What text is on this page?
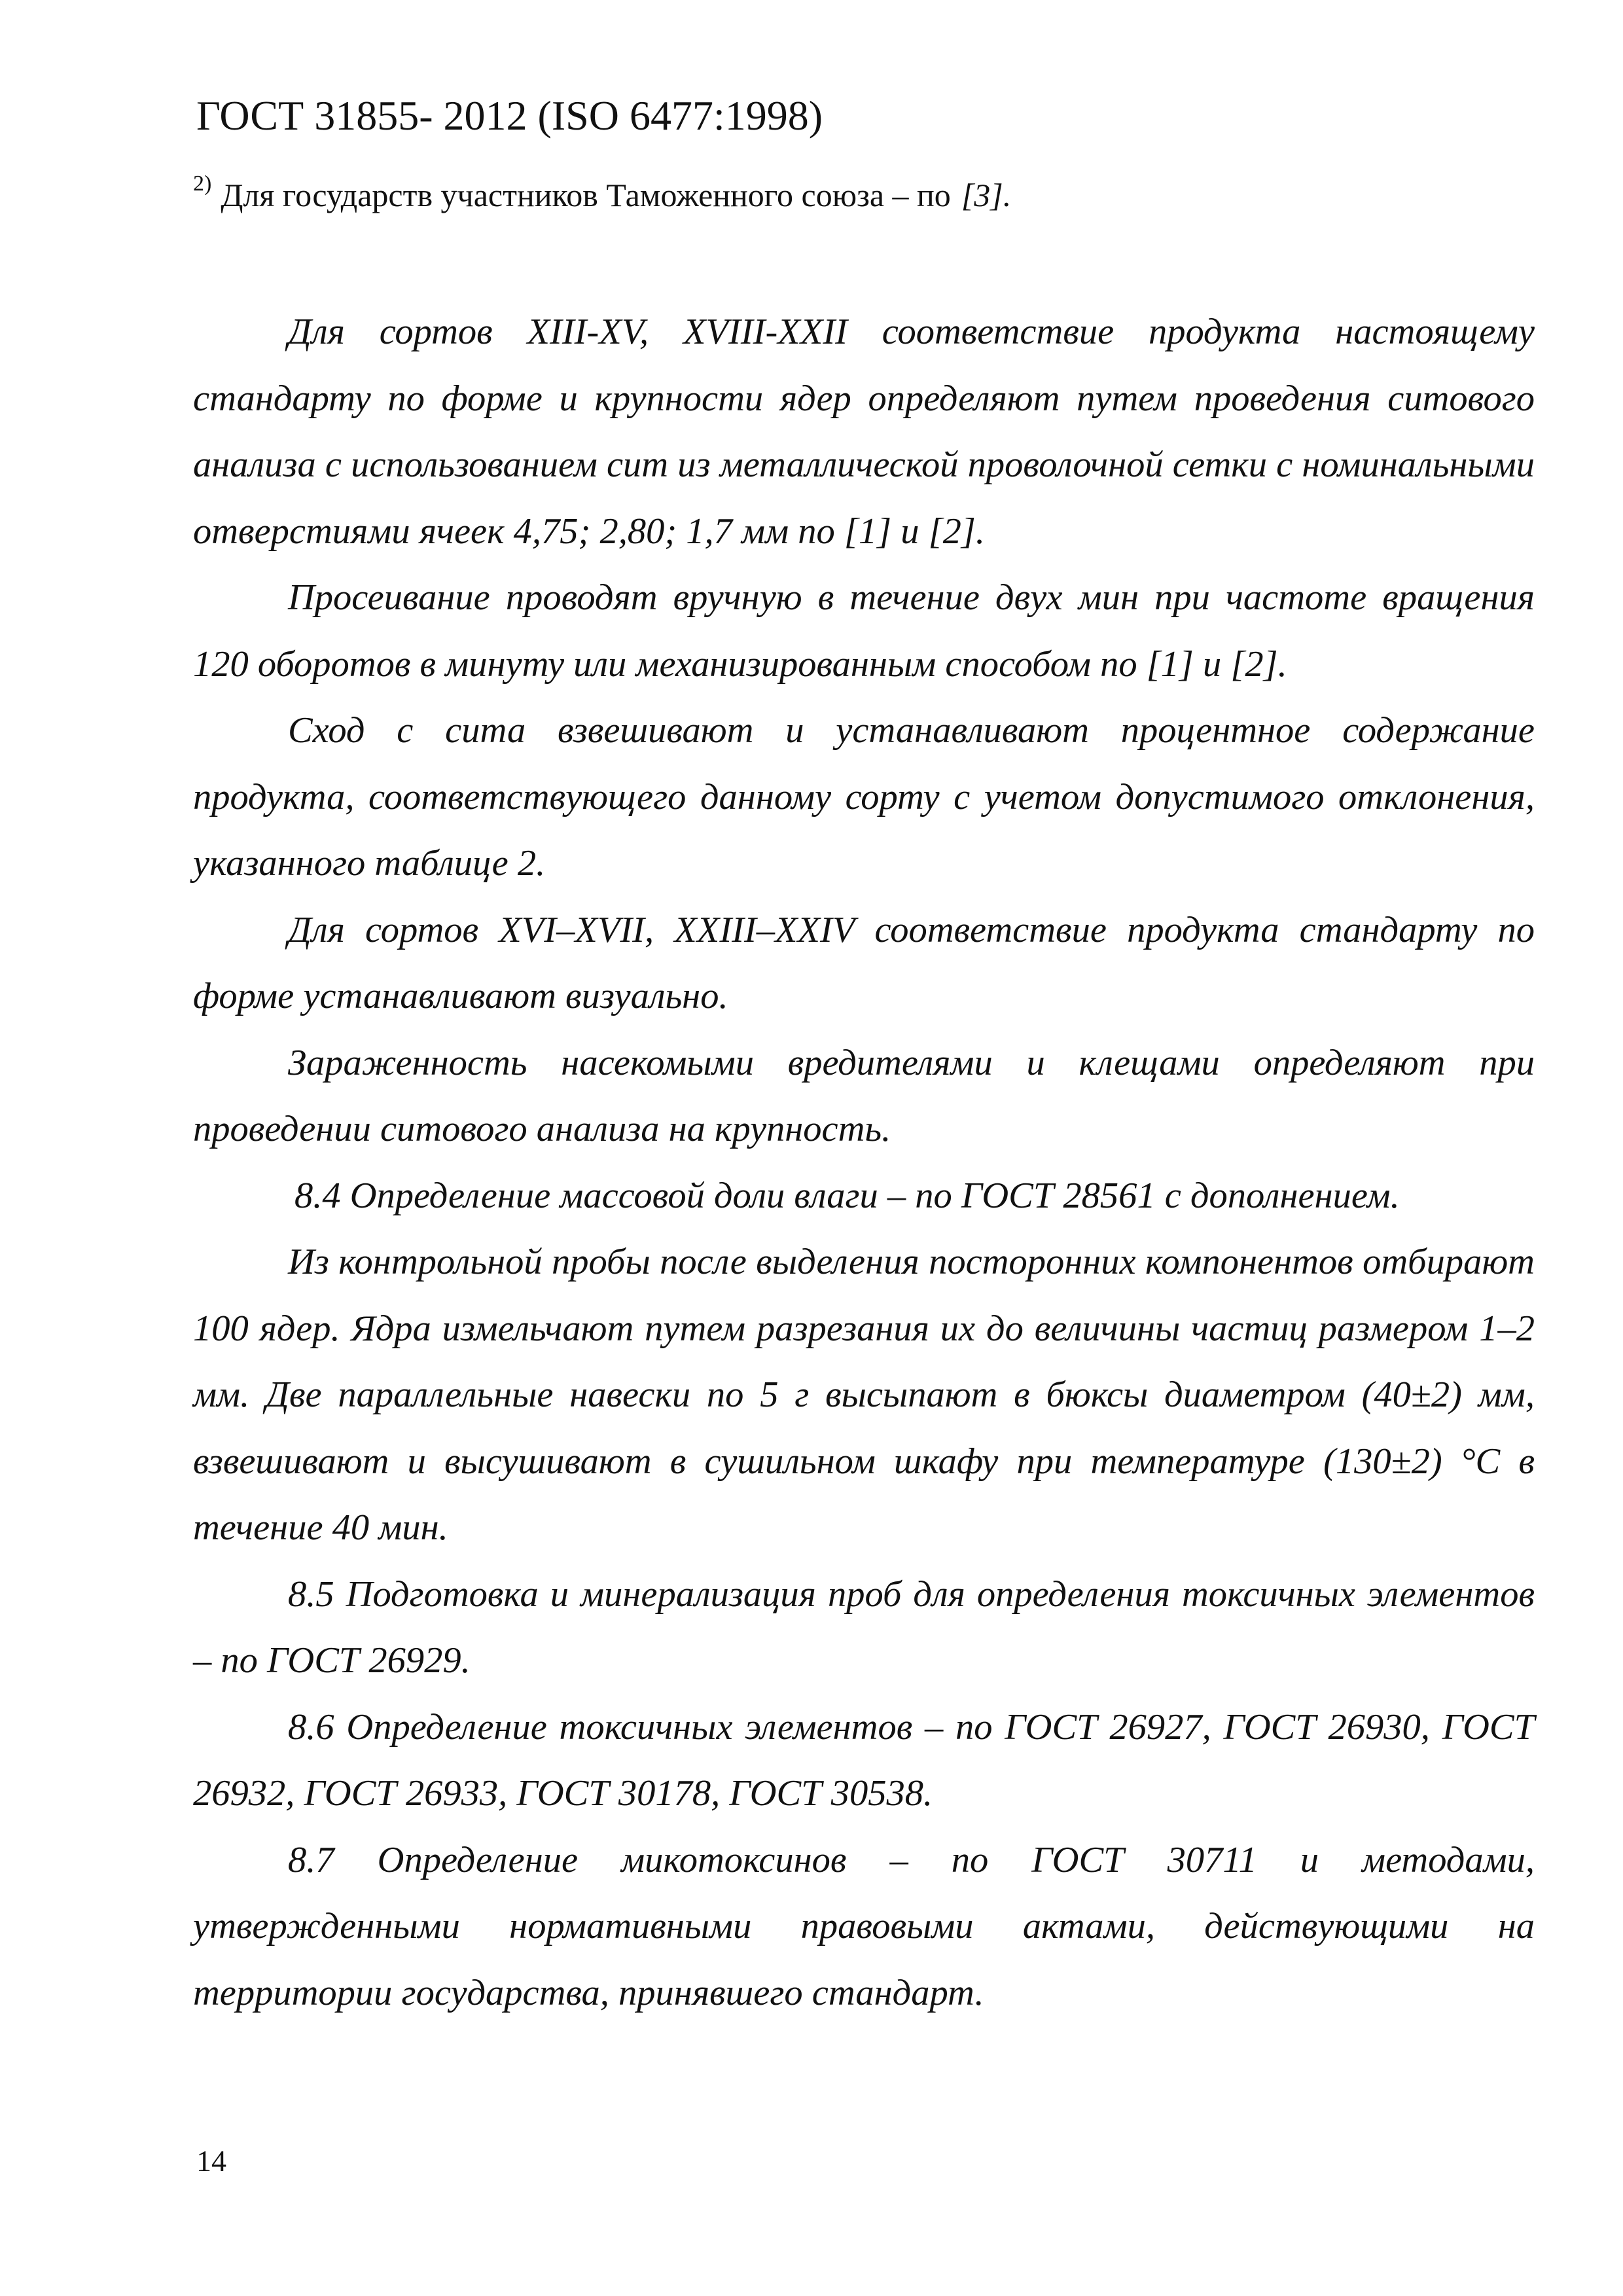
ГОСТ 31855- 2012 (ISO 6477:1998)
$^{2)}$ Для государств участников Таможенного союза – по [3].

Для сортов XIII-XV, XVIII-XXII соответствие продукта настоящему стандарту по форме и крупности ядер определяют путем проведения ситового анализа с использованием сит из металлической проволочной сетки с номинальными отверстиями ячеек 4,75; 2,80; 1,7 мм по [1] и [2].

Просеивание проводят вручную в течение двух мин при частоте вращения 120 оборотов в минуту или механизированным способом по [1] и [2].

Сход с сита взвешивают и устанавливают процентное содержание продукта, соответствующего данному сорту с учетом допустимого отклонения, указанного таблице 2.

Для сортов XVI–XVII, XXIII–XXIV соответствие продукта стандарту по форме устанавливают визуально.

Зараженность насекомыми вредителями и клещами определяют при проведении ситового анализа на крупность.

8.4 Определение массовой доли влаги – по ГОСТ 28561 с дополнением.

Из контрольной пробы после выделения посторонних компонентов отбирают 100 ядер. Ядра измельчают путем разрезания их до величины частиц размером 1–2 мм. Две параллельные навески по 5 г высыпают в бюксы диаметром (40±2) мм, взвешивают и высушивают в сушильном шкафу при температуре (130±2) °С в течение 40 мин.

8.5 Подготовка и минерализация проб для определения токсичных элементов – по ГОСТ 26929.

8.6 Определение токсичных элементов – по ГОСТ 26927, ГОСТ 26930, ГОСТ 26932, ГОСТ 26933, ГОСТ 30178, ГОСТ 30538.

8.7 Определение микотоксинов – по ГОСТ 30711 и методами, утвержденными нормативными правовыми актами, действующими на территории государства, принявшего стандарт.

14
